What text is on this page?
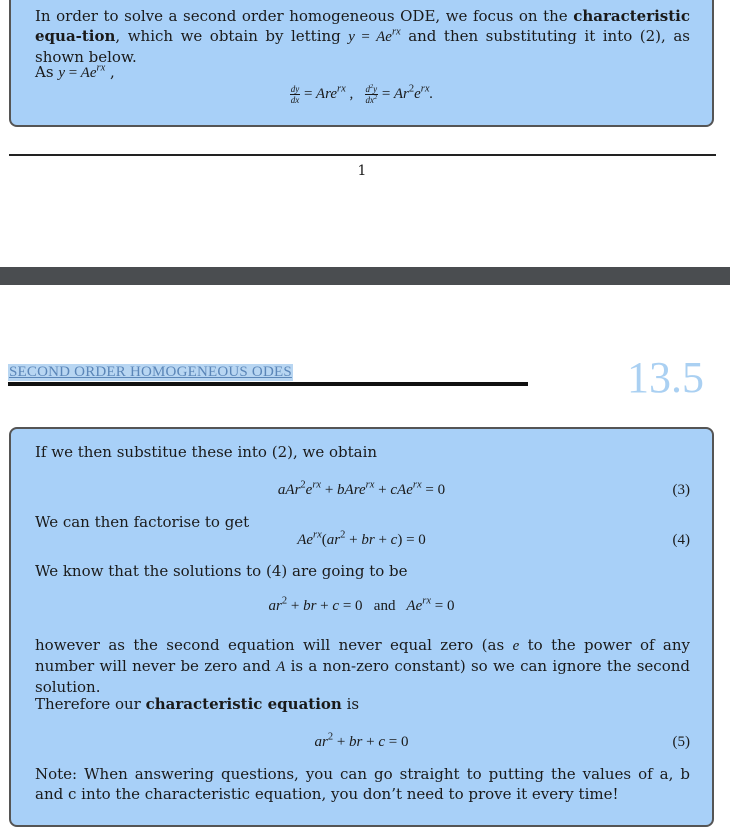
In order to solve a second order homogeneous ODE, we focus on the characteristic equa-tion, which we obtain by letting $y = Ae^{rx}$ and then substituting it into (2), as shown below.
As $y = Ae^{rx}$ ,
$\frac{dy}{dx} = Are^{rx}$ , $\frac{d^2y}{dx^2} = Ar^2e^{rx}$.
1
SECOND ORDER HOMOGENEOUS ODES	13.5
If we then substitue these into (2), we obtain
$aAr^2e^{rx}$ + bAre$^{rx}$ + cAe$^{rx}$ = 0	(3)
We can then factorise to get
$Ae^{rx}(ar^2$ + br + c) = 0	(4)
We know that the solutions to (4) are going to be
$ar^2$ + br + c = 0 and   $Ae^{rx} = 0$
however as the second equation will never equal zero (as e to the power of any number will never be zero and A is a non-zero constant) so we can ignore the second solution.
Therefore our characteristic equation is
$ar^2$ + br + c = 0	(5)
Note: When answering questions, you can go straight to putting the values of a, b and c into the characteristic equation, you don’t need to prove it every time!
